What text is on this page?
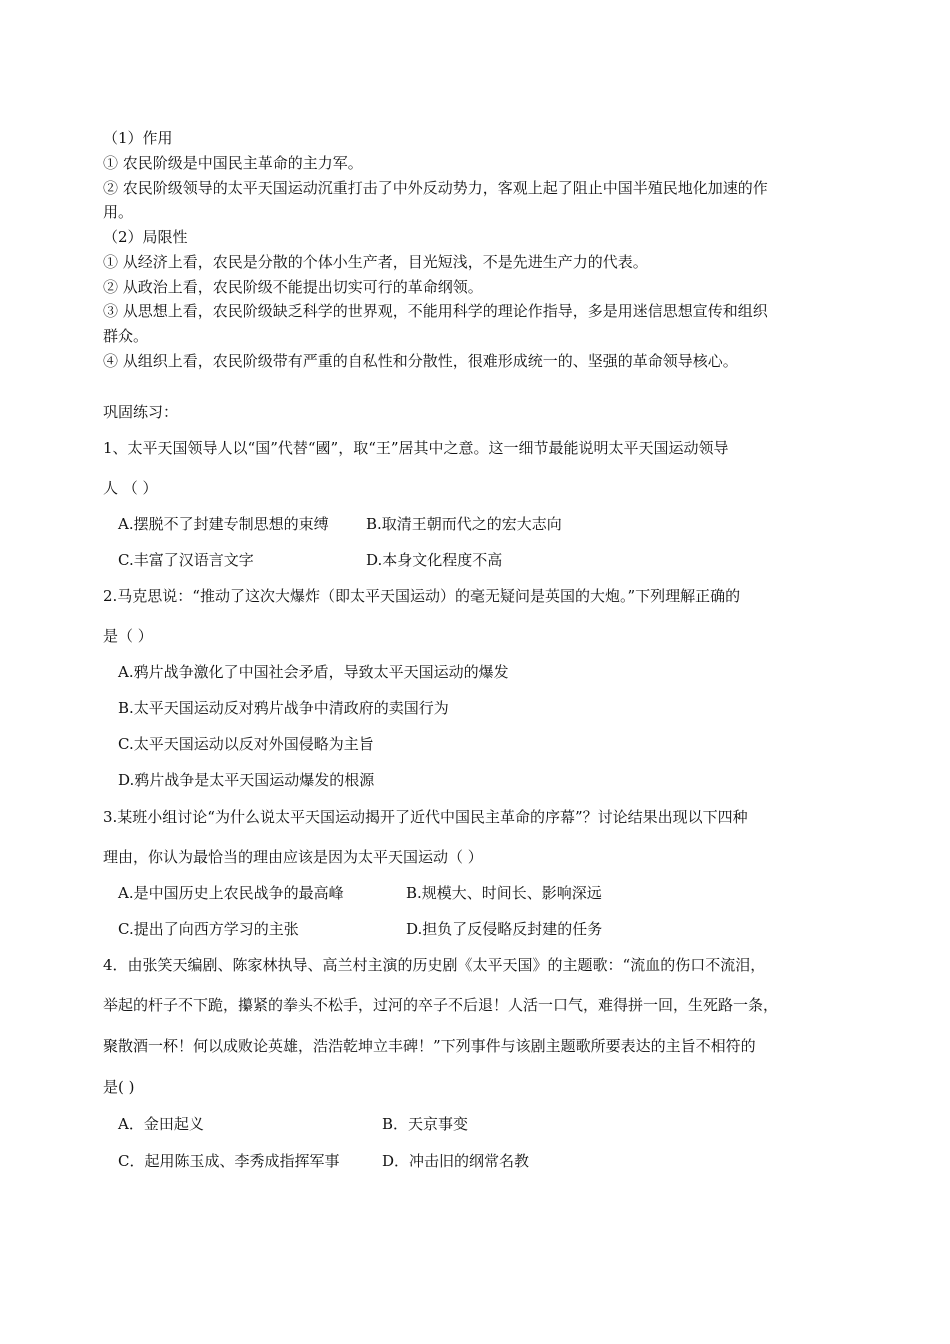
（1）作用
① 农民阶级是中国民主革命的主力军。
② 农民阶级领导的太平天国运动沉重打击了中外反动势力，客观上起了阻止中国半殖民地化加速的作
用。
（2）局限性
① 从经济上看，农民是分散的个体小生产者，目光短浅，不是先进生产力的代表。
② 从政治上看，农民阶级不能提出切实可行的革命纲领。
③ 从思想上看，农民阶级缺乏科学的世界观，不能用科学的理论作指导，多是用迷信思想宣传和组织
群众。
④ 从组织上看，农民阶级带有严重的自私性和分散性，很难形成统一的、坚强的革命领导核心。
巩固练习：
1、太平天国领导人以“国”代替“國”，取“王”居其中之意。这一细节最能说明太平天国运动领导
人 （ ）
A.摆脱不了封建专制思想的束缚 B.取清王朝而代之的宏大志向
C.丰富了汉语言文字	D.本身文化程度不高
2.马克思说：“推动了这次大爆炸（即太平天国运动）的毫无疑问是英国的大炮。”下列理解正确的
是（ ）
A.鸦片战争激化了中国社会矛盾，导致太平天国运动的爆发
B.太平天国运动反对鸦片战争中清政府的卖国行为
C.太平天国运动以反对外国侵略为主旨
D.鸦片战争是太平天国运动爆发的根源
3.某班小组讨论“为什么说太平天国运动揭开了近代中国民主革命的序幕”？讨论结果出现以下四种
理由，你认为最恰当的理由应该是因为太平天国运动（ ）
A.是中国历史上农民战争的最高峰	B.规模大、时间长、影响深远
C.提出了向西方学习的主张	D.担负了反侵略反封建的任务
4．由张笑天编剧、陈家林执导、高兰村主演的历史剧《太平天国》的主题歌：“流血的伤口不流泪，
举起的杆子不下跪，攥紧的拳头不松手，过河的卒子不后退！人活一口气，难得拼一回，生死路一条，
聚散酒一杯！何以成败论英雄，浩浩乾坤立丰碑！”下列事件与该剧主题歌所要表达的主旨不相符的
是( )
A．金田起义	B．天京事变
C．起用陈玉成、李秀成指挥军事	D．冲击旧的纲常名教
